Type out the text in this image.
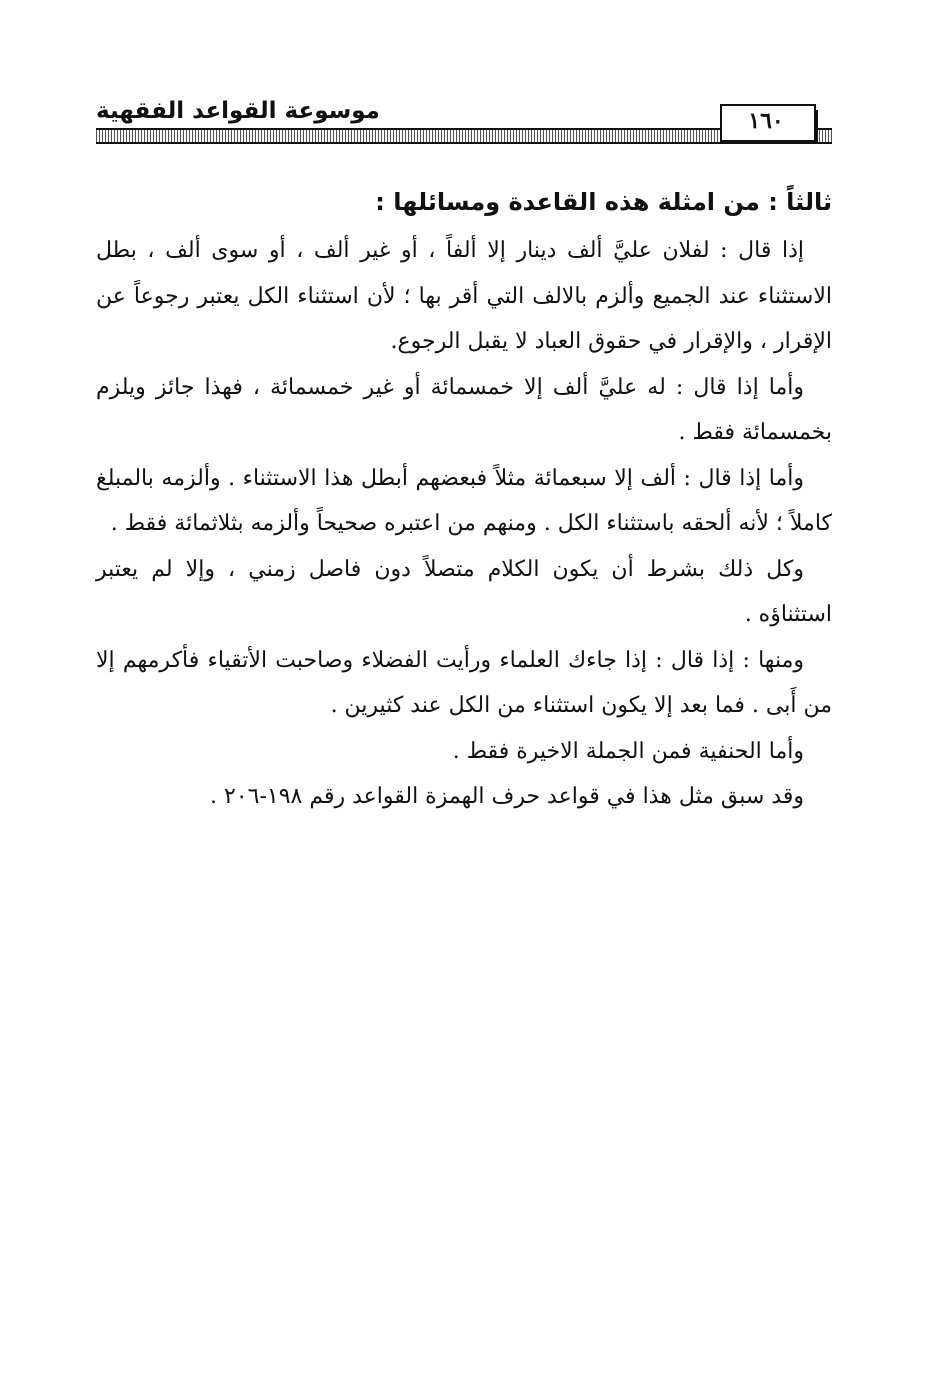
موسوعة القواعد الفقهية	١٦٠
ثالثاً : من امثلة هذه القاعدة ومسائلها :

إذا قال : لفلان عليَّ ألف دينار إلا ألفاً ، أو غير ألف ، أو سوى ألف ، بطل الاستثناء عند الجميع وألزم بالالف التي أقر بها ؛ لأن استثناء الكل يعتبر رجوعاً عن الإقرار ، والإقرار في حقوق العباد لا يقبل الرجوع.

وأما إذا قال : له عليَّ ألف إلا خمسمائة أو غير خمسمائة ، فهذا جائز ويلزم بخمسمائة فقط .

وأما إذا قال : ألف إلا سبعمائة مثلاً فبعضهم أبطل هذا الاستثناء . وألزمه بالمبلغ كاملاً ؛ لأنه ألحقه باستثناء الكل . ومنهم من اعتبره صحيحاً وألزمه بثلاثمائة فقط .

وكل ذلك بشرط أن يكون الكلام متصلاً دون فاصل زمني ، وإلا لم يعتبر استثناؤه .

ومنها : إذا قال : إذا جاءك العلماء ورأيت الفضلاء وصاحبت الأتقياء فأكرمهم إلا من أَبى . فما بعد إلا يكون استثناء من الكل عند كثيرين .

وأما الحنفية فمن الجملة الاخيرة فقط .

وقد سبق مثل هذا في قواعد حرف الهمزة القواعد رقم ١٩٨-٢٠٦ .
